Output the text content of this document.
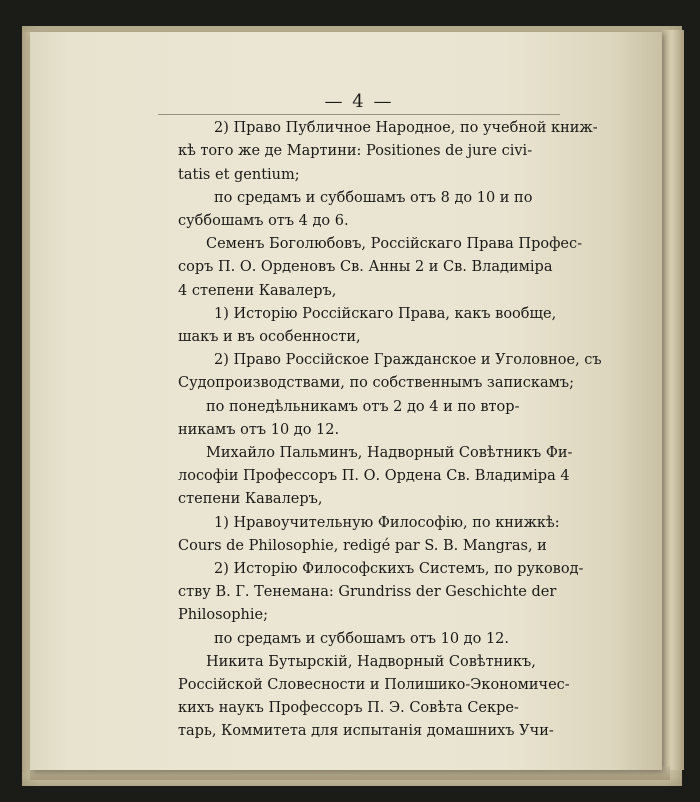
— 4 —
2) Право Публичное Народное, по учебной книж-
кѣ того же де Мартини: Positiones de jure civi-
tatis et gentium;
по средамъ и суббошамъ отъ 8 до 10 и по
суббошамъ отъ 4 до 6.
Семенъ Боголюбовъ, Россійскаго Права Профес-
соръ П. О. Орденовъ Св. Анны 2 и Св. Владиміра
4 степени Кавалеръ,
1) Исторію Россійскаго Права, какъ вообще,
шакъ и въ особенности,
2) Право Россійское Гражданское и Уголовное, съ
Судопроизводствами, по собственнымъ запискамъ;
по понедѣльникамъ отъ 2 до 4 и по втор-
никамъ отъ 10 до 12.
Михайло Пальминъ, Надворный Совѣтникъ Фи-
лософіи Профессоръ П. О. Ордена Св. Владиміра 4
степени Кавалеръ,
1) Нравоучительную Философію, по книжкѣ:
Cours de Philosophie, redigé par S. B. Mangras, и
2) Исторію Философскихъ Системъ, по руковод-
ству В. Г. Тенемана: Grundriss der Geschichte der
Philosophie;
по средамъ и суббошамъ отъ 10 до 12.
Никита Бутырскій, Надворный Совѣтникъ,
Россійской Словесности и Полишико-Экономичес-
кихъ наукъ Профессоръ П. Э. Совѣта Секре-
тарь, Коммитета для испытанія домашнихъ Учи-
